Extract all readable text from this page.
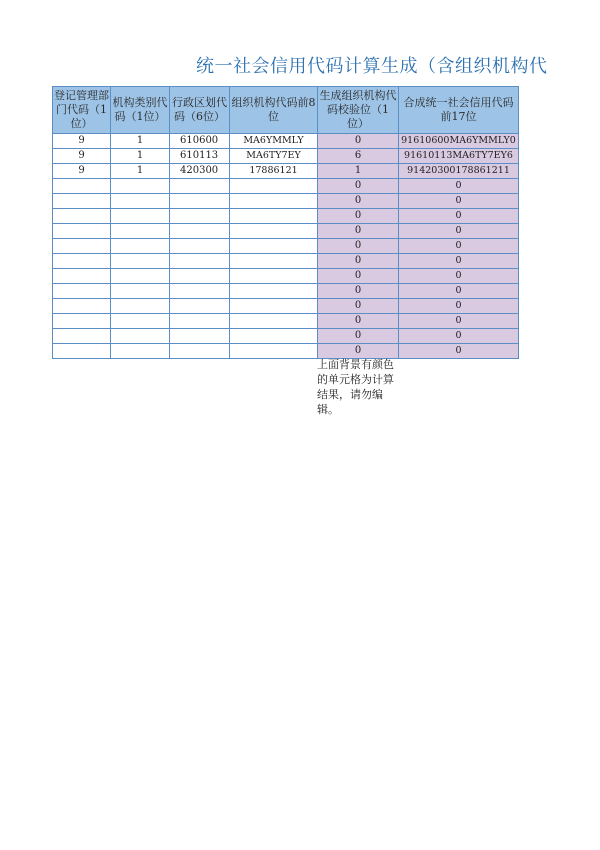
统一社会信用代码计算生成（含组织机构代
登记管理部门代码（1位）	机构类别代码（1位）	行政区划代码（6位）	组织机构代码前8位	生成组织机构代码校验位（1位）	合成统一社会信用代码前17位
9	1	610600	MA6YMMLY	0	91610600MA6YMMLY0
9	1	610113	MA6TY7EY	6	91610113MA6TY7EY6
9	1	420300	17886121	1	91420300178861211
				0	0
				0	0
				0	0
				0	0
				0	0
				0	0
				0	0
				0	0
				0	0
				0	0
				0	0
				0	0
上面背景有颜色的单元格为计算结果，请勿编辑。
